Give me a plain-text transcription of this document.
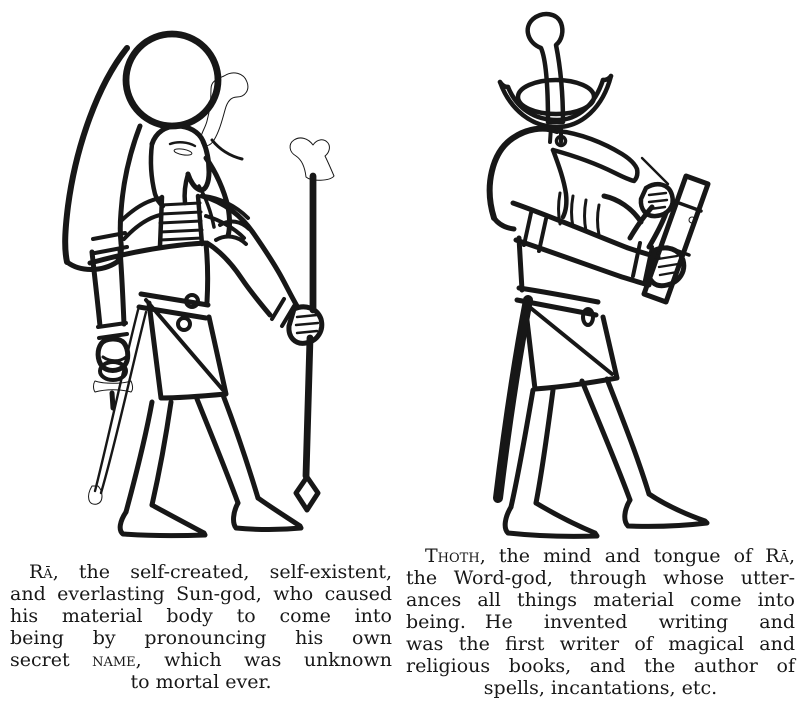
Rā, the self-created, self-existent,
and everlasting Sun-god, who caused
his material body to come into
being by pronouncing his own
secret name, which was unknown
to mortal ever.
Thoth, the mind and tongue of Rā,
the Word-god, through whose utter-
ances all things material come into
being. He invented writing and
was the first writer of magical and
religious books, and the author of
spells, incantations, etc.
